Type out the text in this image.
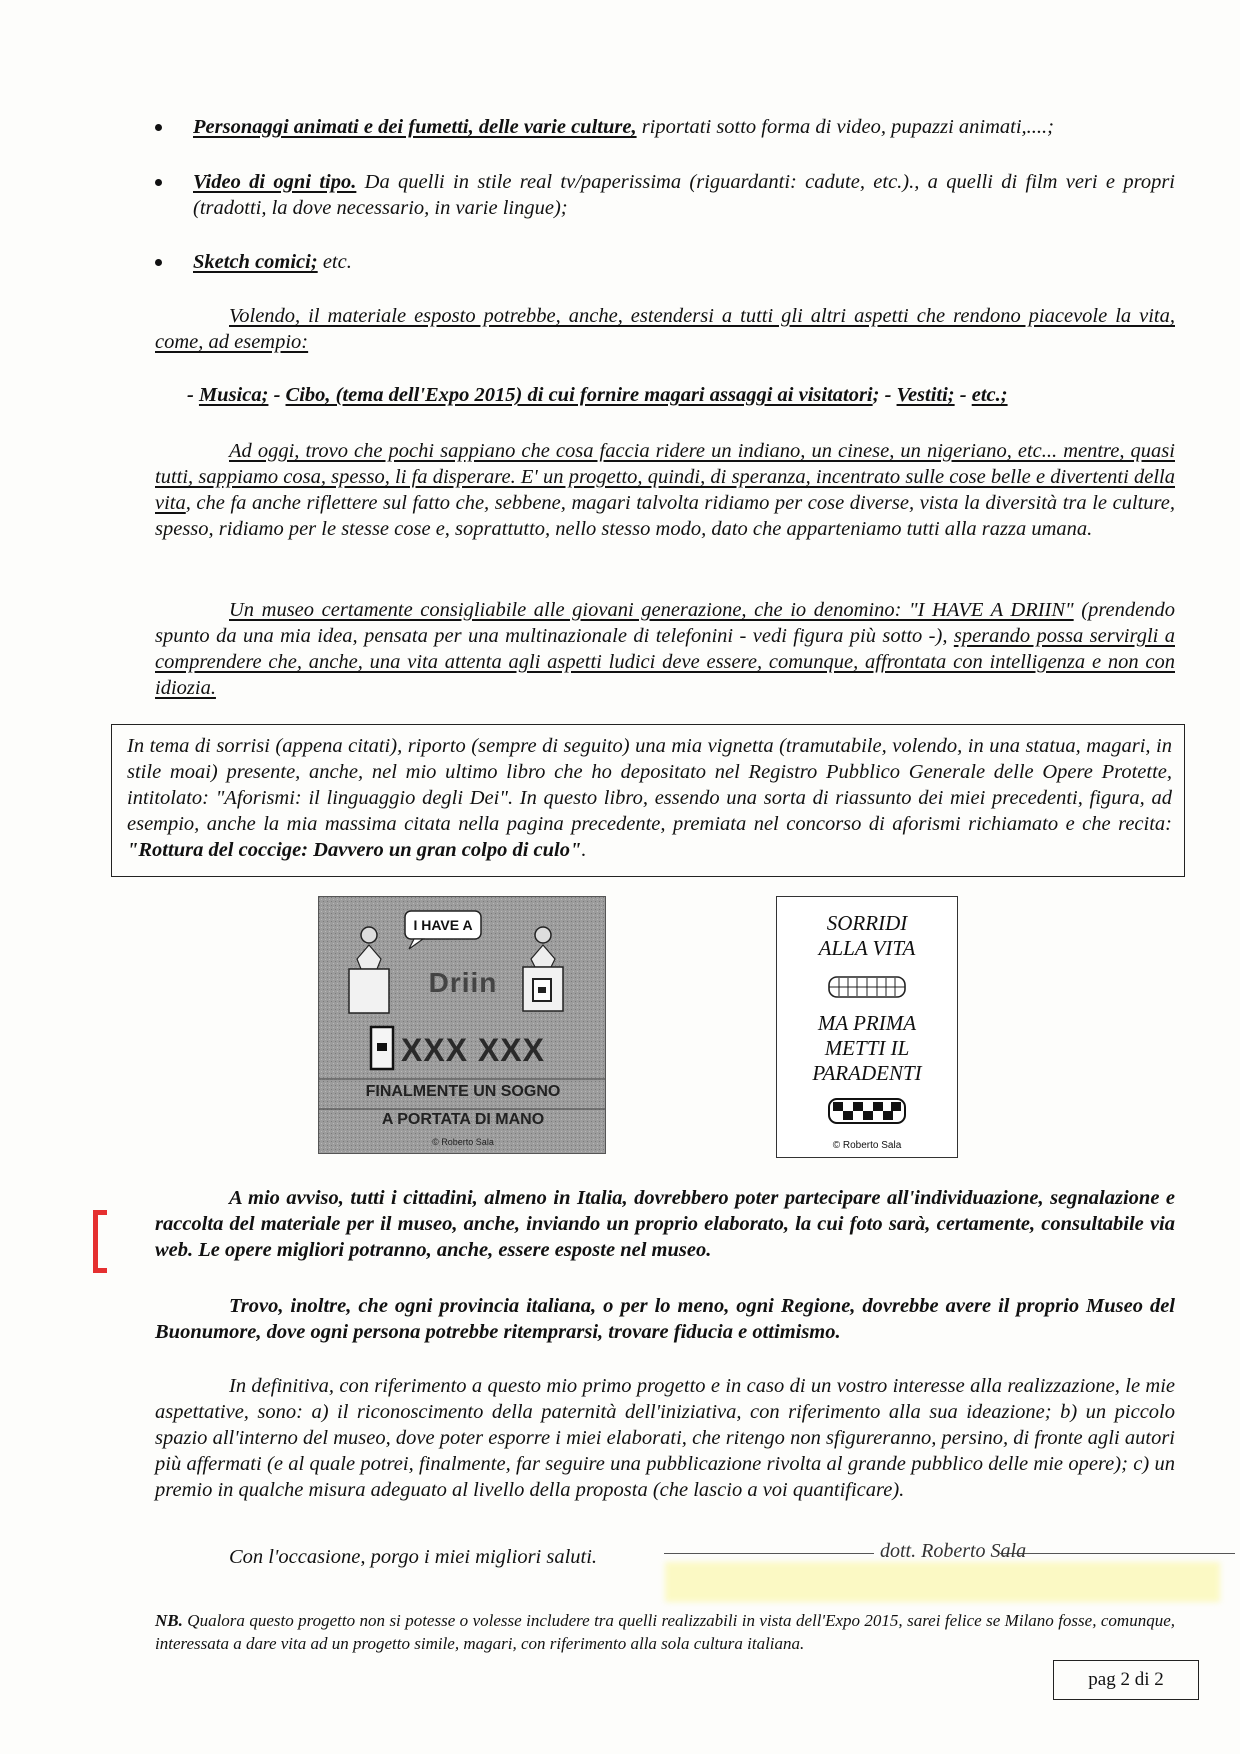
Personaggi animati e dei fumetti, delle varie culture, riportati sotto forma di video, pupazzi animati,....;
Video di ogni tipo. Da quelli in stile real tv/paperissima (riguardanti: cadute, etc.)., a quelli di film veri e propri (tradotti, la dove necessario, in varie lingue);
Sketch comici; etc.
Volendo, il materiale esposto potrebbe, anche, estendersi a tutti gli altri aspetti che rendono piacevole la vita, come, ad esempio:
- Musica; - Cibo, (tema dell'Expo 2015) di cui fornire magari assaggi ai visitatori; - Vestiti; - etc.;
Ad oggi, trovo che pochi sappiano che cosa faccia ridere un indiano, un cinese, un nigeriano, etc... mentre, quasi tutti, sappiamo cosa, spesso, li fa disperare. E' un progetto, quindi, di speranza, incentrato sulle cose belle e divertenti della vita, che fa anche riflettere sul fatto che, sebbene, magari talvolta ridiamo per cose diverse, vista la diversità tra le culture, spesso, ridiamo per le stesse cose e, soprattutto, nello stesso modo, dato che apparteniamo tutti alla razza umana.
Un museo certamente consigliabile alle giovani generazione, che io denomino: "I HAVE A DRIIN" (prendendo spunto da una mia idea, pensata per una multinazionale di telefonini - vedi figura più sotto -), sperando possa servirgli a comprendere che, anche, una vita attenta agli aspetti ludici deve essere, comunque, affrontata con intelligenza e non con idiozia.
In tema di sorrisi (appena citati), riporto (sempre di seguito) una mia vignetta (tramutabile, volendo, in una statua, magari, in stile moai) presente, anche, nel mio ultimo libro che ho depositato nel Registro Pubblico Generale delle Opere Protette, intitolato: "Aforismi: il linguaggio degli Dei". In questo libro, essendo una sorta di riassunto dei miei precedenti, figura, ad esempio, anche la mia massima citata nella pagina precedente, premiata nel concorso di aforismi richiamato e che recita: "Rottura del coccige: Davvero un gran colpo di culo".
I HAVE A
Driin
XXX XXX
FINALMENTE UN SOGNO
A PORTATA DI MANO
© Roberto Sala
SORRIDI
ALLA VITA
MA PRIMA
METTI IL
PARADENTI
© Roberto Sala
A mio avviso, tutti i cittadini, almeno in Italia, dovrebbero poter partecipare all'individuazione, segnalazione e raccolta del materiale per il museo, anche, inviando un proprio elaborato, la cui foto sarà, certamente, consultabile via web. Le opere migliori potranno, anche, essere esposte nel museo.
Trovo, inoltre, che ogni provincia italiana, o per lo meno, ogni Regione, dovrebbe avere il proprio Museo del Buonumore, dove ogni persona potrebbe ritemprarsi, trovare fiducia e ottimismo.
In definitiva, con riferimento a questo mio primo progetto e in caso di un vostro interesse alla realizzazione, le mie aspettative, sono: a) il riconoscimento della paternità dell'iniziativa, con riferimento alla sua ideazione; b) un piccolo spazio all'interno del museo, dove poter esporre i miei elaborati, che ritengo non sfigureranno, persino, di fronte agli autori più affermati (e al quale potrei, finalmente, far seguire una pubblicazione rivolta al grande pubblico delle mie opere); c) un premio in qualche misura adeguato al livello della proposta (che lascio a voi quantificare).
Con l'occasione, porgo i miei migliori saluti.	dott. Roberto Sala
NB. Qualora questo progetto non si potesse o volesse includere tra quelli realizzabili in vista dell'Expo 2015, sarei felice se Milano fosse, comunque, interessata a dare vita ad un progetto simile, magari, con riferimento alla sola cultura italiana.
pag 2 di 2
